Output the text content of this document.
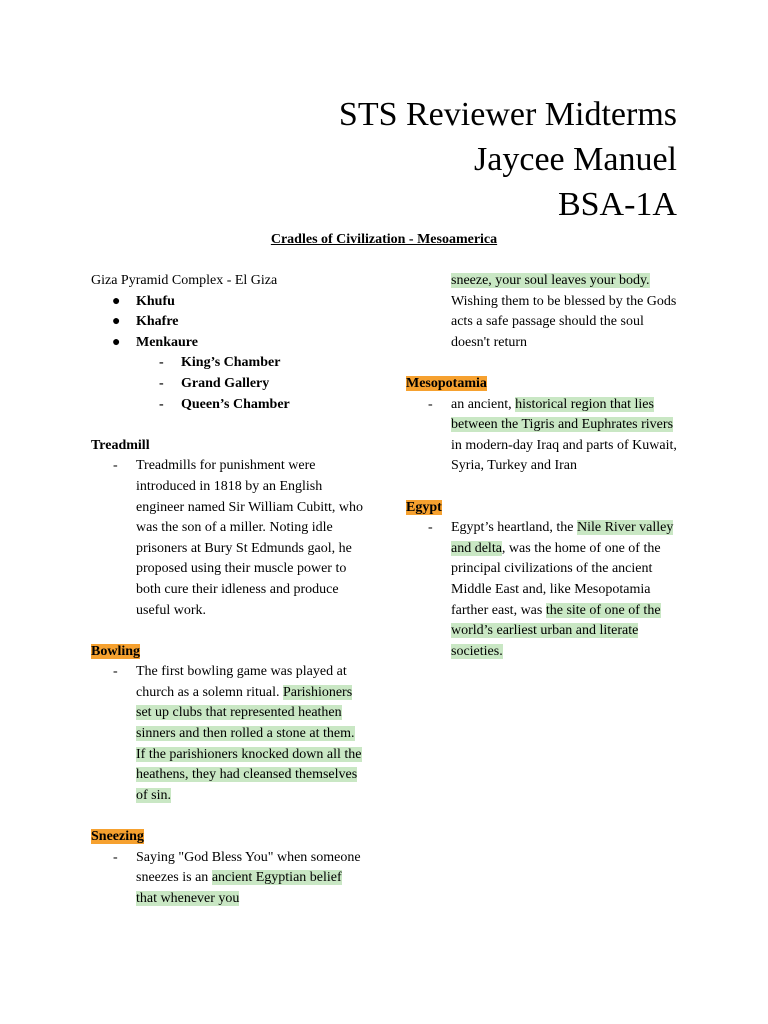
STS Reviewer Midterms
Jaycee Manuel
BSA-1A
Cradles of Civilization - Mesoamerica

Giza Pyramid Complex - El Giza

● Khufu
● Khafre
● Menkaure
- King’s Chamber
- Grand Gallery
- Queen’s Chamber

Treadmill

- Treadmills for punishment were introduced in 1818 by an English engineer named Sir William Cubitt, who was the son of a miller. Noting idle prisoners at Bury St Edmunds gaol, he proposed using their muscle power to both cure their idleness and produce useful work.

Bowling

- The first bowling game was played at church as a solemn ritual. Parishioners set up clubs that represented heathen sinners and then rolled a stone at them. If the parishioners knocked down all the heathens, they had cleansed themselves of sin.

Sneezing

- Saying "God Bless You" when someone sneezes is an ancient Egyptian belief that whenever you
sneeze, your soul leaves your body. Wishing them to be blessed by the Gods acts a safe passage should the soul doesn't return

Mesopotamia

- an ancient, historical region that lies between the Tigris and Euphrates rivers in modern-day Iraq and parts of Kuwait, Syria, Turkey and Iran

Egypt

- Egypt’s heartland, the Nile River valley and delta, was the home of one of the principal civilizations of the ancient Middle East and, like Mesopotamia farther east, was the site of one of the world’s earliest urban and literate societies.
